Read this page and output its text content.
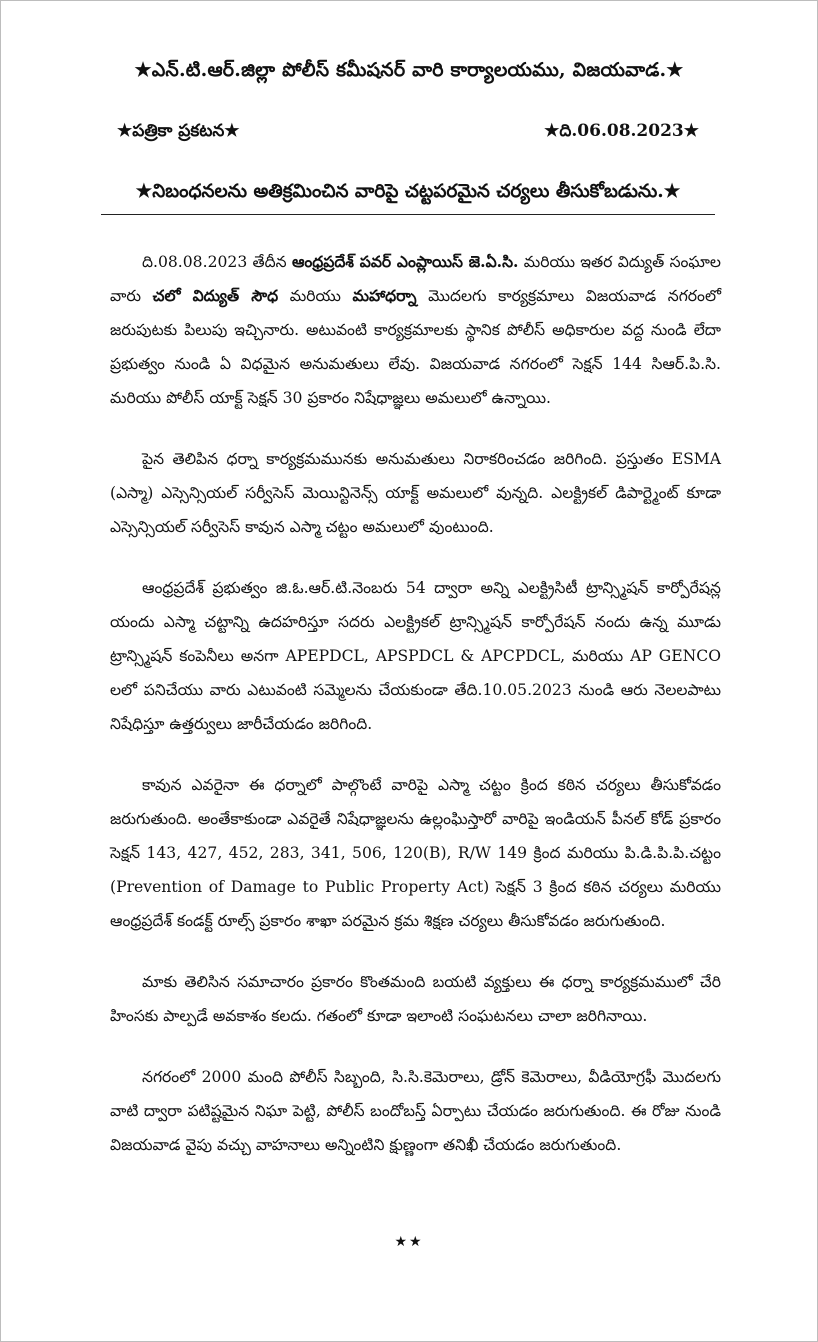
★ఎన్.టి.ఆర్.జిల్లా పోలీస్ కమీషనర్ వారి కార్యాలయము, విజయవాడ.★
★పత్రికా ప్రకటన★	★ది.06.08.2023★
★నిబంధనలను అతిక్రమించిన వారిపై చట్టపరమైన చర్యలు తీసుకోబడును.★

ది.08.08.2023 తేదీన ఆంధ్రప్రదేశ్ పవర్ ఎంప్లాయిస్ జె.ఏ.సి. మరియు ఇతర విద్యుత్ సంఘాల వారు చలో విద్యుత్ సౌధ మరియు మహాధర్నా మొదలగు కార్యక్రమాలు విజయవాడ నగరంలో జరుపుటకు పిలుపు ఇచ్చినారు. అటువంటి కార్యక్రమాలకు స్థానిక పోలీస్ అధికారుల వద్ద నుండి లేదా ప్రభుత్వం నుండి ఏ విధమైన అనుమతులు లేవు. విజయవాడ నగరంలో సెక్షన్ 144 సిఆర్.పి.సి. మరియు పోలీస్ యాక్ట్ సెక్షన్ 30 ప్రకారం నిషేధాజ్ఞలు అమలులో ఉన్నాయి.

పైన తెలిపిన ధర్నా కార్యక్రమమునకు అనుమతులు నిరాకరించడం జరిగింది. ప్రస్తుతం ESMA (ఎస్మా) ఎస్సెన్సియల్ సర్వీసెస్ మెయిన్టినెన్స్ యాక్ట్ అమలులో వున్నది. ఎలక్ట్రికల్ డిపార్ట్మెంట్ కూడా ఎస్సెన్సియల్ సర్వీసెస్ కావున ఎస్మా చట్టం అమలులో వుంటుంది.

ఆంధ్రప్రదేశ్ ప్రభుత్వం జి.ఓ.ఆర్.టి.నెంబరు 54 ద్వారా అన్ని ఎలక్ట్రిసిటీ ట్రాన్స్మిషన్ కార్పోరేషన్ల యందు ఎస్మా చట్టాన్ని ఉదహరిస్తూ సదరు ఎలక్ట్రికల్ ట్రాన్స్మిషన్ కార్పోరేషన్ నందు ఉన్న మూడు ట్రాన్స్మిషన్ కంపెనీలు అనగా APEPDCL, APSPDCL & APCPDCL, మరియు AP GENCO లలో పనిచేయు వారు ఎటువంటి సమ్మెలను చేయకుండా తేది.10.05.2023 నుండి ఆరు నెలలపాటు నిషేధిస్తూ ఉత్తర్వులు జారీచేయడం జరిగింది.

కావున ఎవరైనా ఈ ధర్నాలో పాల్గొంటే వారిపై ఎస్మా చట్టం క్రింద కఠిన చర్యలు తీసుకోవడం జరుగుతుంది. అంతేకాకుండా ఎవరైతే నిషేధాజ్ఞలను ఉల్లంఘిస్తారో వారిపై ఇండియన్ పీనల్ కోడ్ ప్రకారం సెక్షన్ 143, 427, 452, 283, 341, 506, 120(B), R/W 149 క్రింద మరియు పి.డి.పి.పి.చట్టం (Prevention of Damage to Public Property Act) సెక్షన్ 3 క్రింద కఠిన చర్యలు మరియు ఆంధ్రప్రదేశ్ కండక్ట్ రూల్స్ ప్రకారం శాఖా పరమైన క్రమ శిక్షణ చర్యలు తీసుకోవడం జరుగుతుంది.

మాకు తెలిసిన సమాచారం ప్రకారం కొంతమంది బయటి వ్యక్తులు ఈ ధర్నా కార్యక్రమములో చేరి హింసకు పాల్పడే అవకాశం కలదు. గతంలో కూడా ఇలాంటి సంఘటనలు చాలా జరిగినాయి.

నగరంలో 2000 మంది పోలీస్ సిబ్బంది, సి.సి.కెమెరాలు, డ్రోన్ కెమెరాలు, వీడియోగ్రఫీ మొదలగు వాటి ద్వారా పటిష్టమైన నిఘా పెట్టి, పోలీస్ బందోబస్త్ ఏర్పాటు చేయడం జరుగుతుంది. ఈ రోజు నుండి విజయవాడ వైపు వచ్చు వాహనాలు అన్నింటిని క్షుణ్ణంగా తనిఖీ చేయడం జరుగుతుంది.

★★
